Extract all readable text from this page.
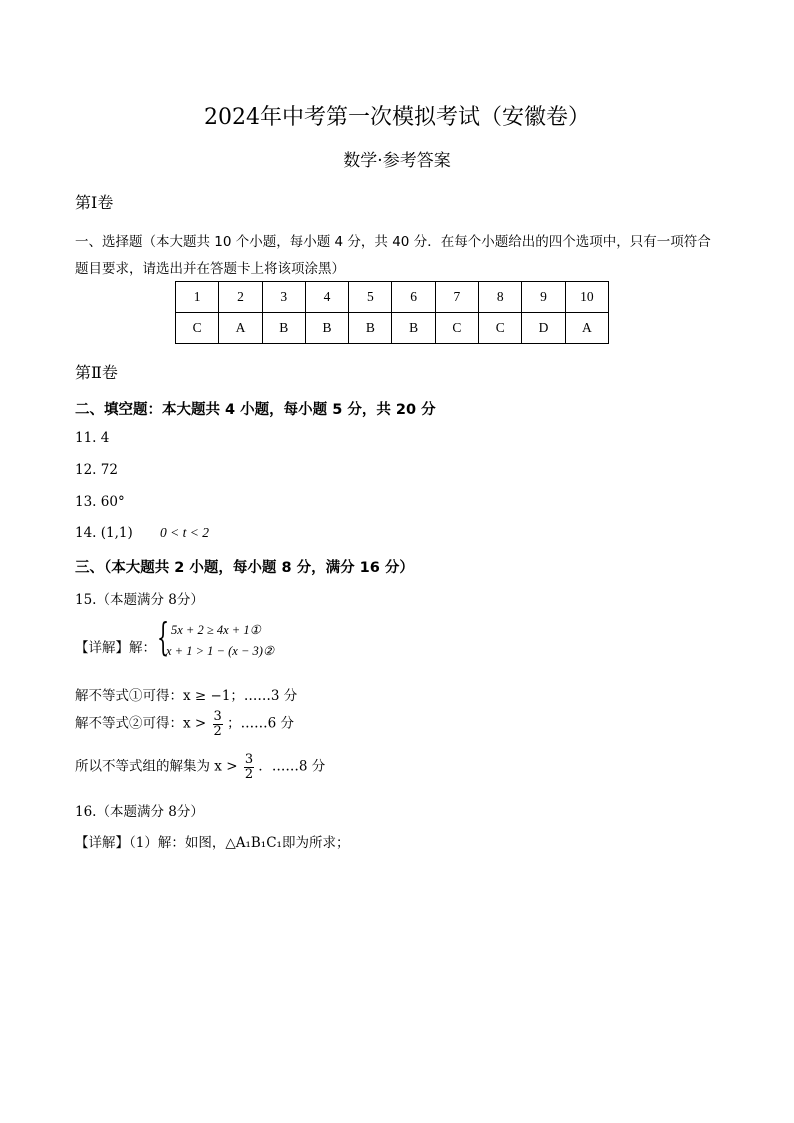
2024年中考第一次模拟考试（安徽卷）
数学·参考答案
第Ⅰ卷
一、选择题（本大题共 10 个小题，每小题 4 分，共 40 分．在每个小题给出的四个选项中，只有一项符合
题目要求，请选出并在答题卡上将该项涂黑）
1	2	3	4	5	6	7	8	9	10
C	A	B	B	B	B	C	C	D	A
第Ⅱ卷
二、填空题：本大题共 4 小题，每小题 5 分，共 20 分
11. 4
12. 72
13. 60°
14. (1,1) 0 < t < 2
三、（本大题共 2 小题，每小题 8 分，满分 16 分）
15.（本题满分 8分）
【详解】解： { 5x + 2 ≥ 4x + 1①
x + 1 > 1 − (x − 3)②
解不等式①可得：x ≥ −1；……3 分
解不等式②可得：$x > \frac{3}{2}$ ；……6 分
所以不等式组的解集为 $x > \frac{3}{2}$ ．……8 分
16.（本题满分 8分）
【详解】（1）解：如图，△A₁B₁C₁即为所求；
